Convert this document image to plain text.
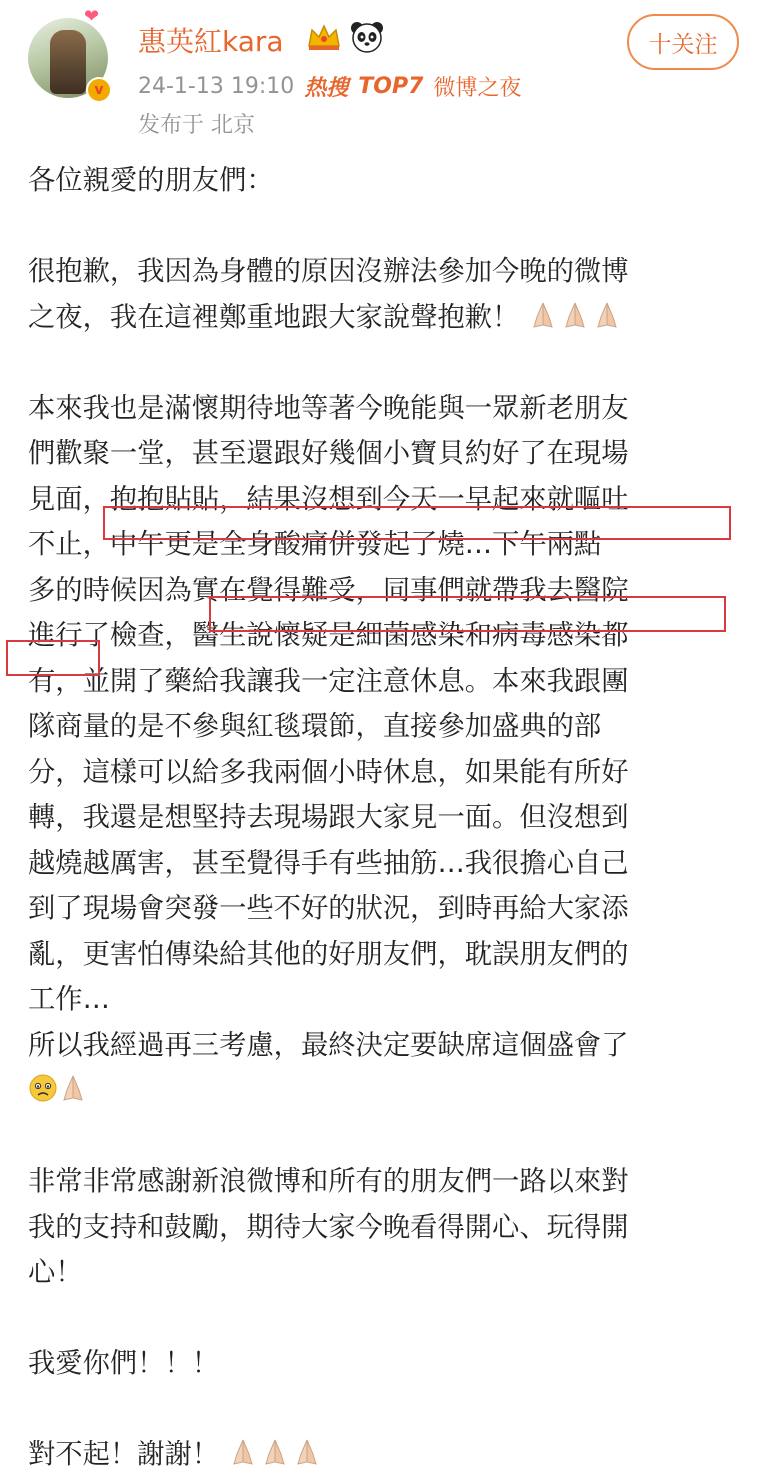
❤
v
惠英紅kara
24-1-13 19:10 热搜 TOP7 微博之夜
发布于 北京
十关注
各位親愛的朋友們：
很抱歉，我因為身體的原因沒辦法參加今晚的微博
之夜，我在這裡鄭重地跟大家說聲抱歉！
本來我也是滿懷期待地等著今晚能與一眾新老朋友
們歡聚一堂，甚至還跟好幾個小寶貝約好了在現場
見面，抱抱貼貼，結果沒想到今天一早起來就嘔吐
不止，中午更是全身酸痛併發起了燒…下午兩點
多的時候因為實在覺得難受，同事們就帶我去醫院
進行了檢查，醫生說懷疑是細菌感染和病毒感染都
有，並開了藥給我讓我一定注意休息。本來我跟團
隊商量的是不參與紅毯環節，直接參加盛典的部
分，這樣可以給多我兩個小時休息，如果能有所好
轉，我還是想堅持去現場跟大家見一面。但沒想到
越燒越厲害，甚至覺得手有些抽筋…我很擔心自己
到了現場會突發一些不好的狀況，到時再給大家添
亂，更害怕傳染給其他的好朋友們，耽誤朋友們的
工作…
所以我經過再三考慮，最終決定要缺席這個盛會了
非常非常感謝新浪微博和所有的朋友們一路以來對
我的支持和鼓勵，期待大家今晚看得開心、玩得開
心！
我愛你們！！！
對不起！謝謝！
